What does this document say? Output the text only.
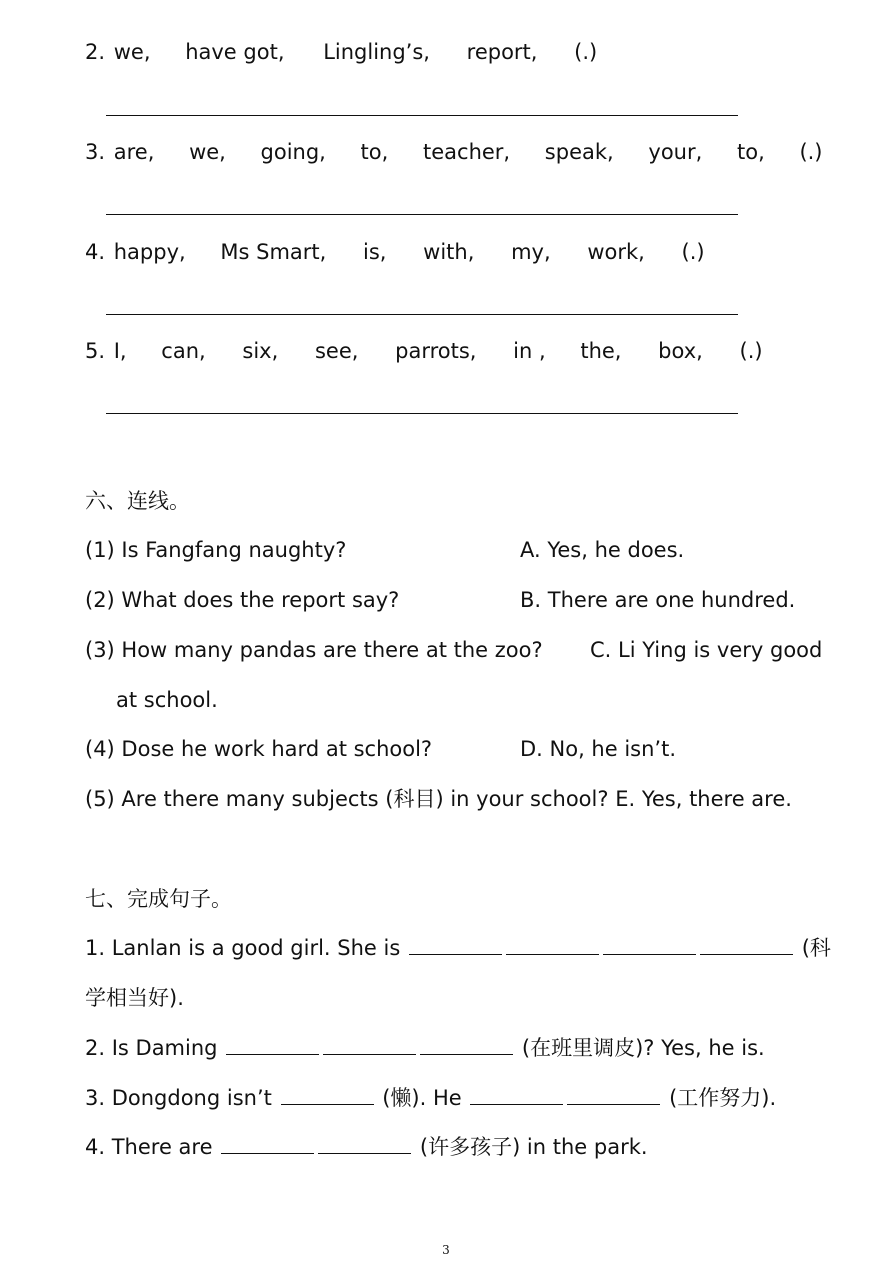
2. we, have got, Lingling’s, report, (.)
3. are, we, going, to, teacher, speak, your, to, (.)
4. happy, Ms Smart, is, with, my, work, (.)
5. I, can, six, see, parrots, in , the, box, (.)
六、连线。
(1) Is Fangfang naughty?	A. Yes, he does.
(2) What does the report say?	B. There are one hundred.
(3) How many pandas are there at the zoo? C. Li Ying is very good
at school.
(4) Dose he work hard at school?	D. No, he isn’t.
(5) Are there many subjects (科目) in your school? E. Yes, there are.
七、完成句子。
1. Lanlan is a good girl. She is	(科
学相当好).
2. Is Daming	(在班里调皮)? Yes, he is.
3. Dongdong isn’t	(懒). He	(工作努力).
4. There are	(许多孩子) in the park.
3
